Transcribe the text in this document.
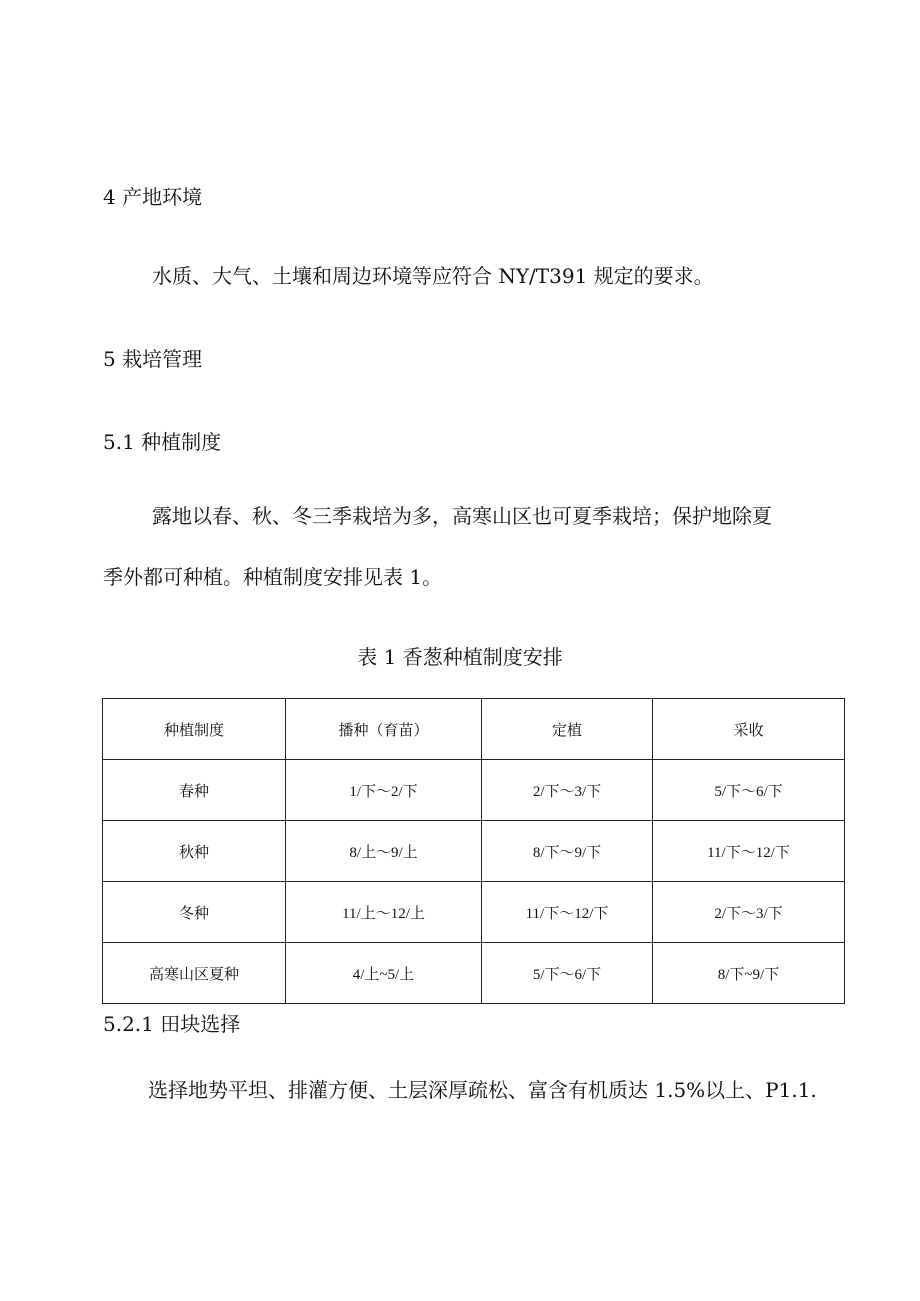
4 产地环境

水质、大气、土壤和周边环境等应符合 NY/T391 规定的要求。

5 栽培管理

5.1 种植制度

露地以春、秋、冬三季栽培为多，高寒山区也可夏季栽培；保护地除夏

季外都可种植。种植制度安排见表 1。

表 1 香葱种植制度安排

种植制度	播种（育苗）	定植	采收
春种	1/下～2/下	2/下～3/下	5/下～6/下
秋种	8/上～9/上	8/下～9/下	11/下～12/下
冬种	11/上～12/上	11/下～12/下	2/下～3/下
高寒山区夏种	4/上~5/上	5/下～6/下	8/下~9/下

5.2.1 田块选择

选择地势平坦、排灌方便、土层深厚疏松、富含有机质达 1.5%以上、P1.1.
